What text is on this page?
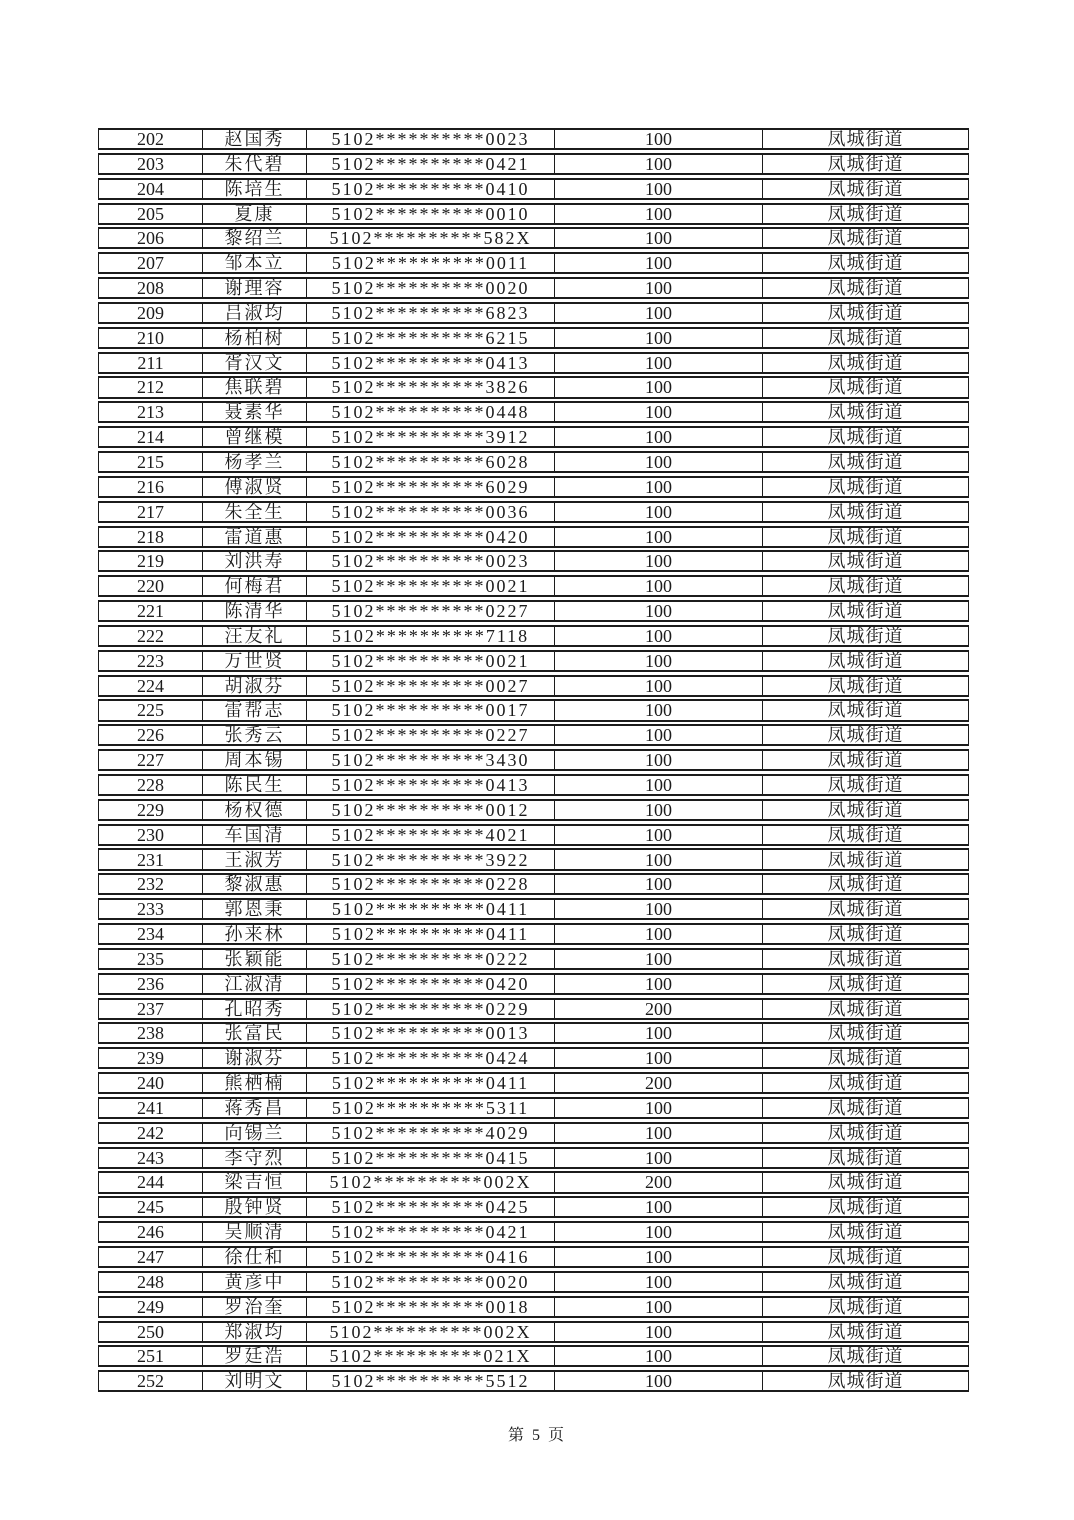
202	赵国秀	5102**********0023	100	凤城街道
203	朱代碧	5102**********0421	100	凤城街道
204	陈培生	5102**********0410	100	凤城街道
205	夏康	5102**********0010	100	凤城街道
206	黎绍兰	5102**********582X	100	凤城街道
207	邹本立	5102**********0011	100	凤城街道
208	谢理容	5102**********0020	100	凤城街道
209	吕淑均	5102**********6823	100	凤城街道
210	杨柏树	5102**********6215	100	凤城街道
211	胥汉文	5102**********0413	100	凤城街道
212	焦联碧	5102**********3826	100	凤城街道
213	聂素华	5102**********0448	100	凤城街道
214	曾继模	5102**********3912	100	凤城街道
215	杨孝兰	5102**********6028	100	凤城街道
216	傅淑贤	5102**********6029	100	凤城街道
217	朱全生	5102**********0036	100	凤城街道
218	雷道惠	5102**********0420	100	凤城街道
219	刘洪寿	5102**********0023	100	凤城街道
220	何梅君	5102**********0021	100	凤城街道
221	陈清华	5102**********0227	100	凤城街道
222	汪友礼	5102**********7118	100	凤城街道
223	万世贤	5102**********0021	100	凤城街道
224	胡淑芬	5102**********0027	100	凤城街道
225	雷帮志	5102**********0017	100	凤城街道
226	张秀云	5102**********0227	100	凤城街道
227	周本锡	5102**********3430	100	凤城街道
228	陈民生	5102**********0413	100	凤城街道
229	杨权德	5102**********0012	100	凤城街道
230	车国清	5102**********4021	100	凤城街道
231	王淑芳	5102**********3922	100	凤城街道
232	黎淑惠	5102**********0228	100	凤城街道
233	郭恩秉	5102**********0411	100	凤城街道
234	孙来林	5102**********0411	100	凤城街道
235	张颖能	5102**********0222	100	凤城街道
236	江淑清	5102**********0420	100	凤城街道
237	孔昭秀	5102**********0229	200	凤城街道
238	张富民	5102**********0013	100	凤城街道
239	谢淑芬	5102**********0424	100	凤城街道
240	熊栖楠	5102**********0411	200	凤城街道
241	蒋秀昌	5102**********5311	100	凤城街道
242	向锡兰	5102**********4029	100	凤城街道
243	李守烈	5102**********0415	100	凤城街道
244	梁吉恒	5102**********002X	200	凤城街道
245	殷钟贤	5102**********0425	100	凤城街道
246	吴顺清	5102**********0421	100	凤城街道
247	徐仕和	5102**********0416	100	凤城街道
248	黄彦中	5102**********0020	100	凤城街道
249	罗治奎	5102**********0018	100	凤城街道
250	郑淑均	5102**********002X	100	凤城街道
251	罗廷浩	5102**********021X	100	凤城街道
252	刘明文	5102**********5512	100	凤城街道
第 5 页
